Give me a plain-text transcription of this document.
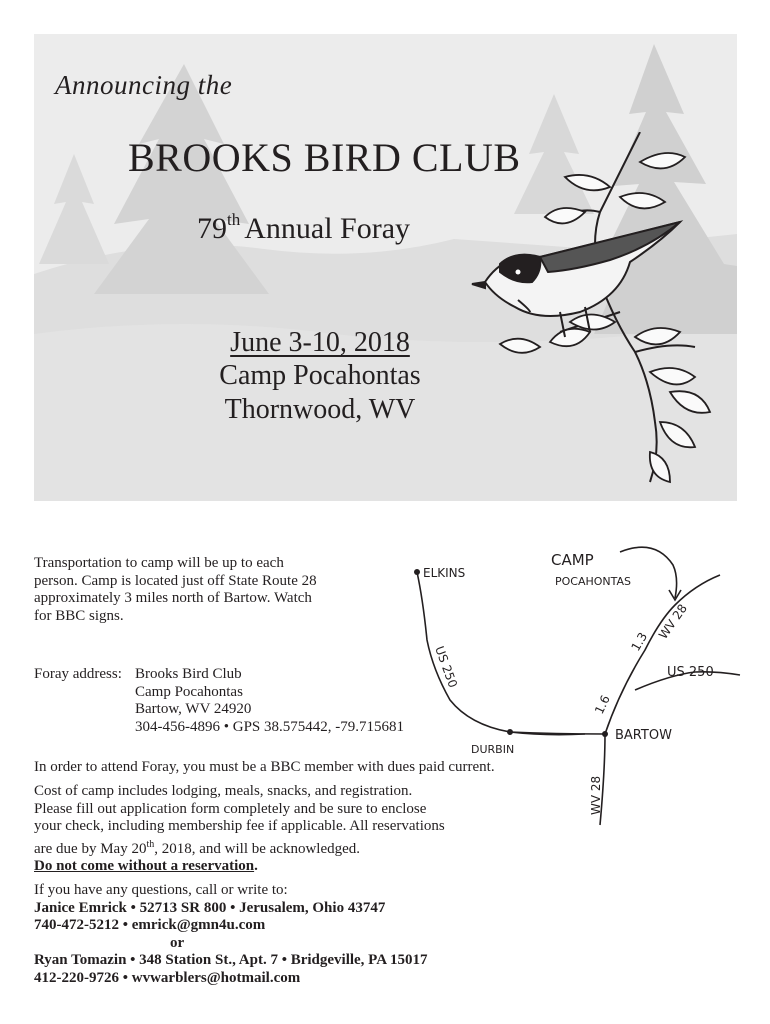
Announcing the
BROOKS BIRD CLUB
79th Annual Foray
June 3-10, 2018
Camp Pocahontas
Thornwood, WV
Transportation to camp will be up to each
person. Camp is located just off State Route 28
approximately 3 miles north of Bartow. Watch
for BBC signs.
Foray address: Brooks Bird Club
Camp Pocahontas
Bartow, WV 24920
304-456-4896 • GPS 38.575442, -79.715681
In order to attend Foray, you must be a BBC member with dues paid current.
Cost of camp includes lodging, meals, snacks, and registration.
Please fill out application form completely and be sure to enclose
your check, including membership fee if applicable. All reservations
are due by May 20th, 2018, and will be acknowledged.
Do not come without a reservation.
If you have any questions, call or write to:
Janice Emrick • 52713 SR 800 • Jerusalem, Ohio 43747
740-472-5212 • emrick@gmn4u.com
or
Ryan Tomazin • 348 Station St., Apt. 7 • Bridgeville, PA 15017
412-220-9726 • wvwarblers@hotmail.com
ELKINS
CAMP
POCAHONTAS
WV 28
1.3
US 250
US 250
1.6
BARTOW
DURBIN
WV 28
